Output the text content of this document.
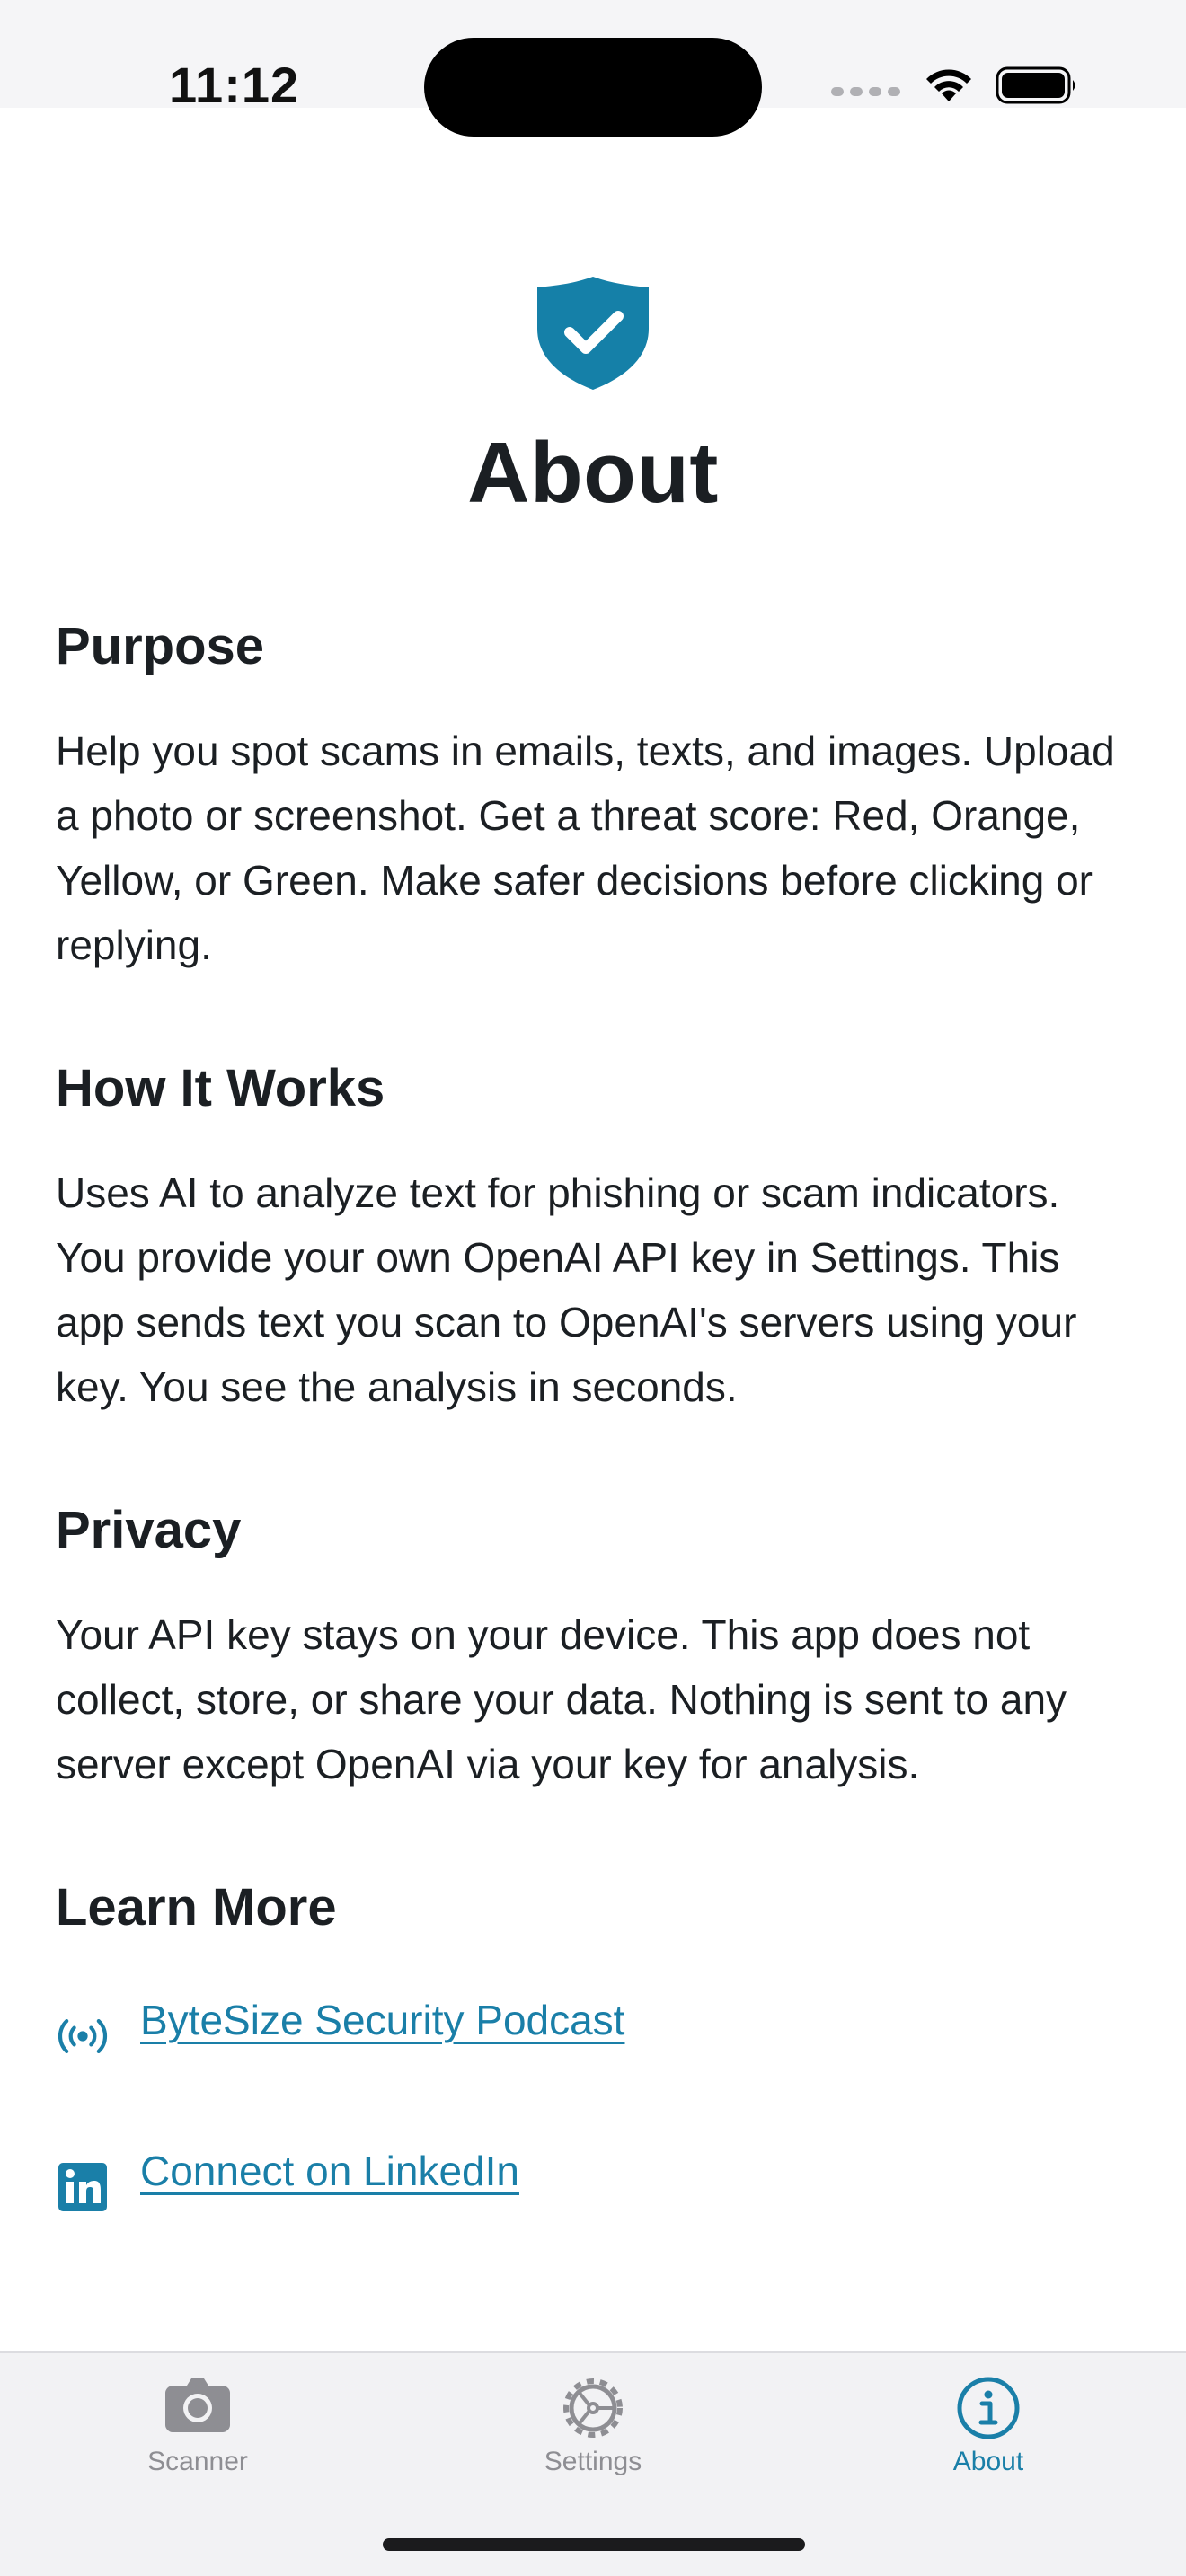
11:12
About
Purpose

Help you spot scams in emails, texts, and images. Upload a photo or screenshot. Get a threat score: Red, Orange, Yellow, or Green. Make safer decisions before clicking or replying.

How It Works

Uses AI to analyze text for phishing or scam indicators. You provide your own OpenAI API key in Settings. This app sends text you scan to OpenAI's servers using your key. You see the analysis in seconds.

Privacy

Your API key stays on your device. This app does not collect, store, or share your data. Nothing is sent to any server except OpenAI via your key for analysis.

Learn More
ByteSize Security Podcast
Connect on LinkedIn
Scanner	Settings	About
